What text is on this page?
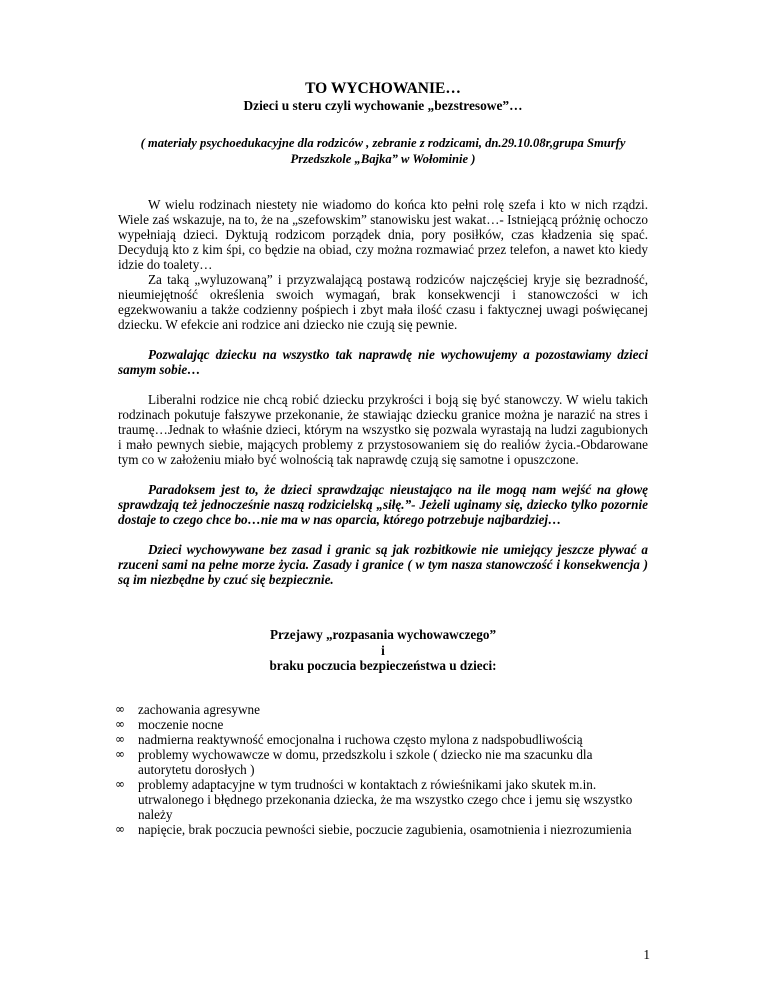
TO WYCHOWANIE…
Dzieci u steru czyli wychowanie „bezstresowe”…

( materiały psychoedukacyjne dla rodziców , zebranie z rodzicami, dn.29.10.08r,grupa Smurfy Przedszkole „Bajka” w Wołominie )

W wielu rodzinach niestety nie wiadomo do końca kto pełni rolę szefa i kto w nich rządzi. Wiele zaś wskazuje, na to, że na „szefowskim” stanowisku jest wakat…- Istniejącą próżnię ochoczo wypełniają dzieci. Dyktują rodzicom porządek dnia, pory posiłków, czas kładzenia się spać. Decydują kto z kim śpi, co będzie na obiad, czy można rozmawiać przez telefon, a nawet kto kiedy idzie do toalety…

Za taką „wyluzowaną” i przyzwalającą postawą rodziców najczęściej kryje się bezradność, nieumiejętność określenia swoich wymagań, brak konsekwencji i stanowczości w ich egzekwowaniu a także codzienny pośpiech i zbyt mała ilość czasu i faktycznej uwagi poświęcanej dziecku. W efekcie ani rodzice ani dziecko nie czują się pewnie.

Pozwalając dziecku na wszystko tak naprawdę nie wychowujemy a pozostawiamy dzieci samym sobie…

Liberalni rodzice nie chcą robić dziecku przykrości i boją się być stanowczy. W wielu takich rodzinach pokutuje fałszywe przekonanie, że stawiając dziecku granice można je narazić na stres i traumę…Jednak to właśnie dzieci, którym na wszystko się pozwala wyrastają na ludzi zagubionych i mało pewnych siebie, mających problemy z przystosowaniem się do realiów życia.-Obdarowane tym co w założeniu miało być wolnością tak naprawdę czują się samotne i opuszczone.

Paradoksem jest to, że dzieci sprawdzając nieustająco na ile mogą nam wejść na głowę sprawdzają też jednocześnie naszą rodzicielską „siłę.”- Jeżeli uginamy się, dziecko tylko pozornie dostaje to czego chce bo…nie ma w nas oparcia, którego potrzebuje najbardziej…

Dzieci wychowywane bez zasad i granic są jak rozbitkowie nie umiejący jeszcze pływać a rzuceni sami na pełne morze życia. Zasady i granice ( w tym nasza stanowczość i konsekwencja ) są im niezbędne by czuć się bezpiecznie.

Przejawy „rozpasania wychowawczego”
i
braku poczucia bezpieczeństwa u dzieci:
∞ zachowania agresywne
∞ moczenie nocne
∞ nadmierna reaktywność emocjonalna i ruchowa często mylona z nadspobudliwością
∞ problemy wychowawcze w domu, przedszkolu i szkole ( dziecko nie ma szacunku dla autorytetu dorosłych )
∞ problemy adaptacyjne w tym trudności w kontaktach z rówieśnikami jako skutek m.in. utrwalonego i błędnego przekonania dziecka, że ma wszystko czego chce i jemu się wszystko należy
∞ napięcie, brak poczucia pewności siebie, poczucie zagubienia, osamotnienia i niezrozumienia
1
